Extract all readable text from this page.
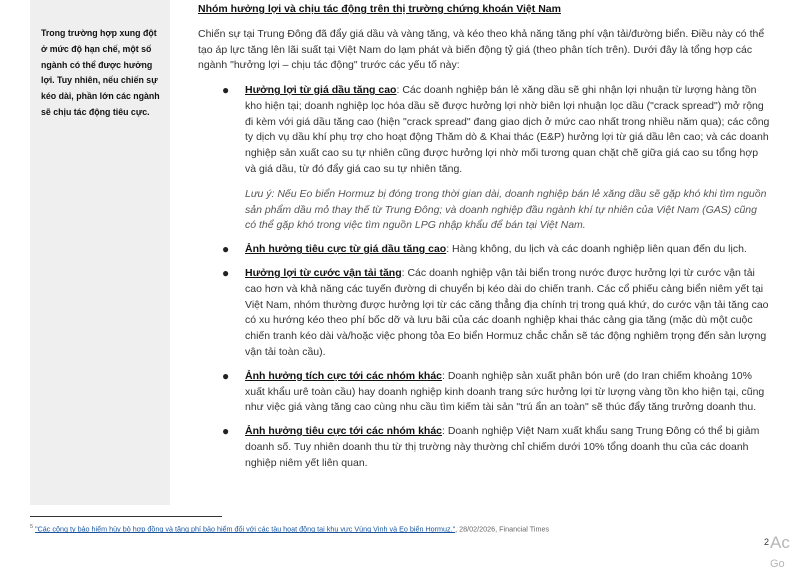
Trong trường hợp xung đột ở mức độ hạn chế, một số ngành có thể được hưởng lợi. Tuy nhiên, nếu chiến sự kéo dài, phần lớn các ngành sẽ chịu tác động tiêu cực.

Nhóm hưởng lợi và chịu tác động trên thị trường chứng khoán Việt Nam

Chiến sự tại Trung Đông đã đẩy giá dầu và vàng tăng, và kéo theo khả năng tăng phí vận tải/đường biển. Điều này có thể tạo áp lực tăng lên lãi suất tại Việt Nam do lạm phát và biến động tỷ giá (theo phân tích trên). Dưới đây là tổng hợp các ngành "hưởng lợi – chịu tác động" trước các yếu tố này:

● Hưởng lợi từ giá dầu tăng cao: Các doanh nghiệp bán lẻ xăng dầu sẽ ghi nhận lợi nhuận từ lượng hàng tồn kho hiện tại; doanh nghiệp lọc hóa dầu sẽ được hưởng lợi nhờ biên lợi nhuận lọc dầu ("crack spread") mở rộng đi kèm với giá dầu tăng cao (hiện "crack spread" đang giao dịch ở mức cao nhất trong nhiều năm qua); các công ty dịch vụ dầu khí phụ trợ cho hoạt động Thăm dò & Khai thác (E&P) hưởng lợi từ giá dầu lên cao; và các doanh nghiệp sản xuất cao su tự nhiên cũng được hưởng lợi nhờ mối tương quan chặt chẽ giữa giá cao su tổng hợp và giá dầu, từ đó đẩy giá cao su tự nhiên tăng.
Lưu ý: Nếu Eo biển Hormuz bị đóng trong thời gian dài, doanh nghiệp bán lẻ xăng dầu sẽ gặp khó khi tìm nguồn sản phẩm dầu mỏ thay thế từ Trung Đông; và doanh nghiệp đầu ngành khí tự nhiên của Việt Nam (GAS) cũng có thể gặp khó trong việc tìm nguồn LPG nhập khẩu để bán tại Việt Nam.
● Ảnh hưởng tiêu cực từ giá dầu tăng cao: Hàng không, du lịch và các doanh nghiệp liên quan đến du lịch.
● Hưởng lợi từ cước vận tải tăng: Các doanh nghiệp vận tải biển trong nước được hưởng lợi từ cước vận tải cao hơn và khả năng các tuyến đường di chuyển bị kéo dài do chiến tranh. Các cổ phiếu cảng biển niêm yết tại Việt Nam, nhóm thường được hưởng lợi từ các căng thẳng địa chính trị trong quá khứ, do cước vận tải tăng cao có xu hướng kéo theo phí bốc dỡ và lưu bãi của các doanh nghiệp khai thác cảng gia tăng (mặc dù một cuộc chiến tranh kéo dài và/hoặc việc phong tỏa Eo biển Hormuz chắc chắn sẽ tác động nghiêm trọng đến sản lượng vận tải toàn cầu).
● Ảnh hưởng tích cực tới các nhóm khác: Doanh nghiệp sản xuất phân bón urê (do Iran chiếm khoảng 10% xuất khẩu urê toàn cầu) hay doanh nghiệp kinh doanh trang sức hưởng lợi từ lượng vàng tồn kho hiện tại, cũng như việc giá vàng tăng cao cùng nhu cầu tìm kiếm tài sản "trú ẩn an toàn" sẽ thúc đẩy tăng trưởng doanh thu.
● Ảnh hưởng tiêu cực tới các nhóm khác: Doanh nghiệp Việt Nam xuất khẩu sang Trung Đông có thể bị giảm doanh số. Tuy nhiên doanh thu từ thị trường này thường chỉ chiếm dưới 10% tổng doanh thu của các doanh nghiệp niêm yết liên quan.

$^5$ "Các công ty bảo hiểm hủy bỏ hợp đồng và tăng phí bảo hiểm đối với các tàu hoạt động tại khu vực Vùng Vịnh và Eo biển Hormuz.", 28/02/2026, Financial Times

2 Ac
Go
